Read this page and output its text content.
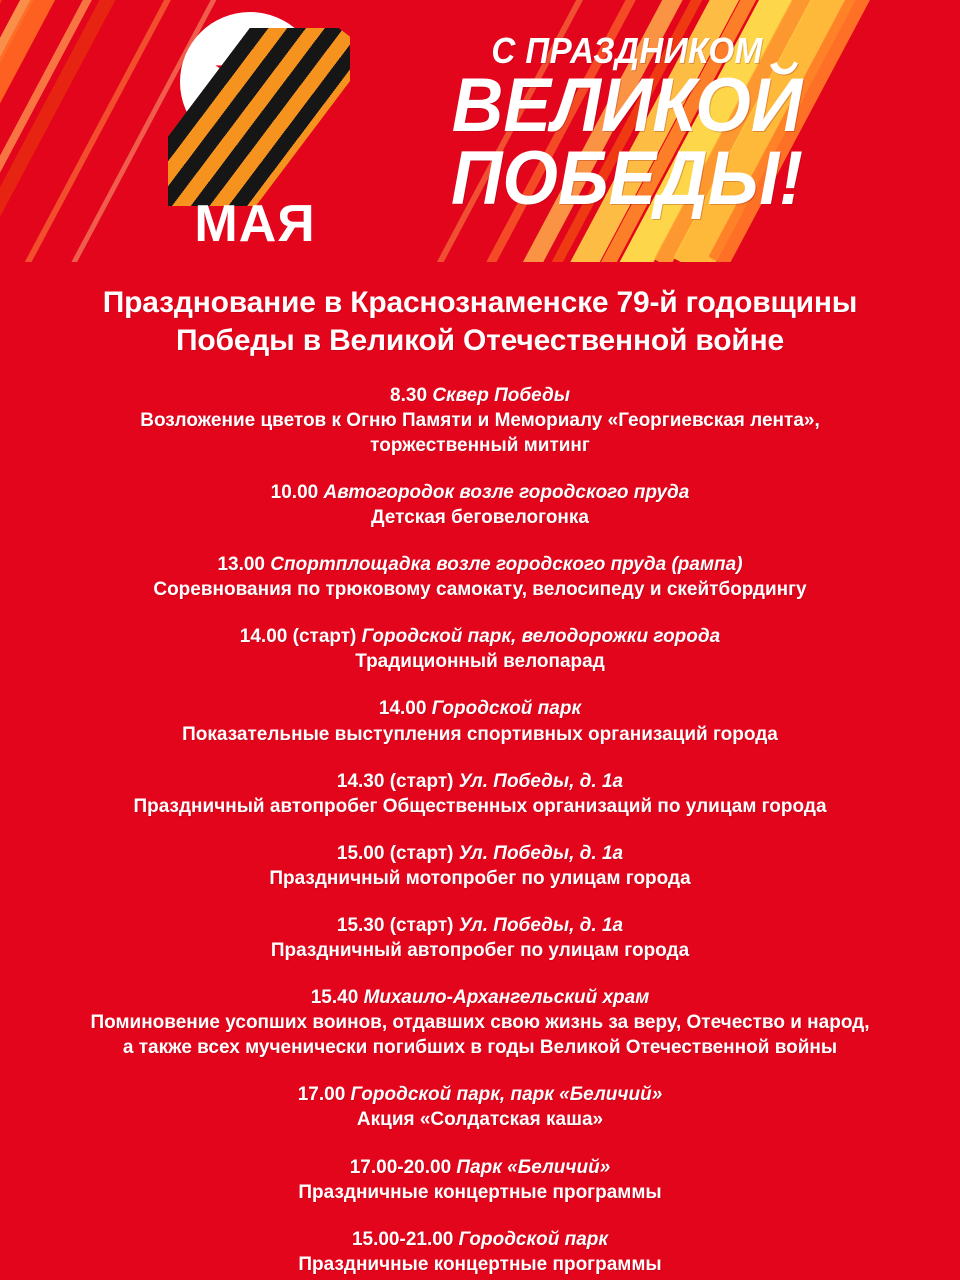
МАЯ
С ПРАЗДНИКОМ
ВЕЛИКОЙ
ПОБЕДЫ!
Празднование в Краснознаменске 79-й годовщины
Победы в Великой Отечественной войне
8.30 Сквер Победы
Возложение цветов к Огню Памяти и Мемориалу «Георгиевская лента»,
торжественный митинг
10.00 Автогородок возле городского пруда
Детская беговелогонка
13.00 Спортплощадка возле городского пруда (рампа)
Соревнования по трюковому самокату, велосипеду и скейтбордингу
14.00 (старт) Городской парк, велодорожки города
Традиционный велопарад
14.00 Городской парк
Показательные выступления спортивных организаций города
14.30 (старт) Ул. Победы, д. 1а
Праздничный автопробег Общественных организаций по улицам города
15.00 (старт) Ул. Победы, д. 1а
Праздничный мотопробег по улицам города
15.30 (старт) Ул. Победы, д. 1а
Праздничный автопробег по улицам города
15.40 Михаило-Архангельский храм
Поминовение усопших воинов, отдавших свою жизнь за веру, Отечество и народ,
а также всех мученически погибших в годы Великой Отечественной войны
17.00 Городской парк, парк «Беличий»
Акция «Солдатская каша»
17.00-20.00 Парк «Беличий»
Праздничные концертные программы
15.00-21.00 Городской парк
Праздничные концертные программы
